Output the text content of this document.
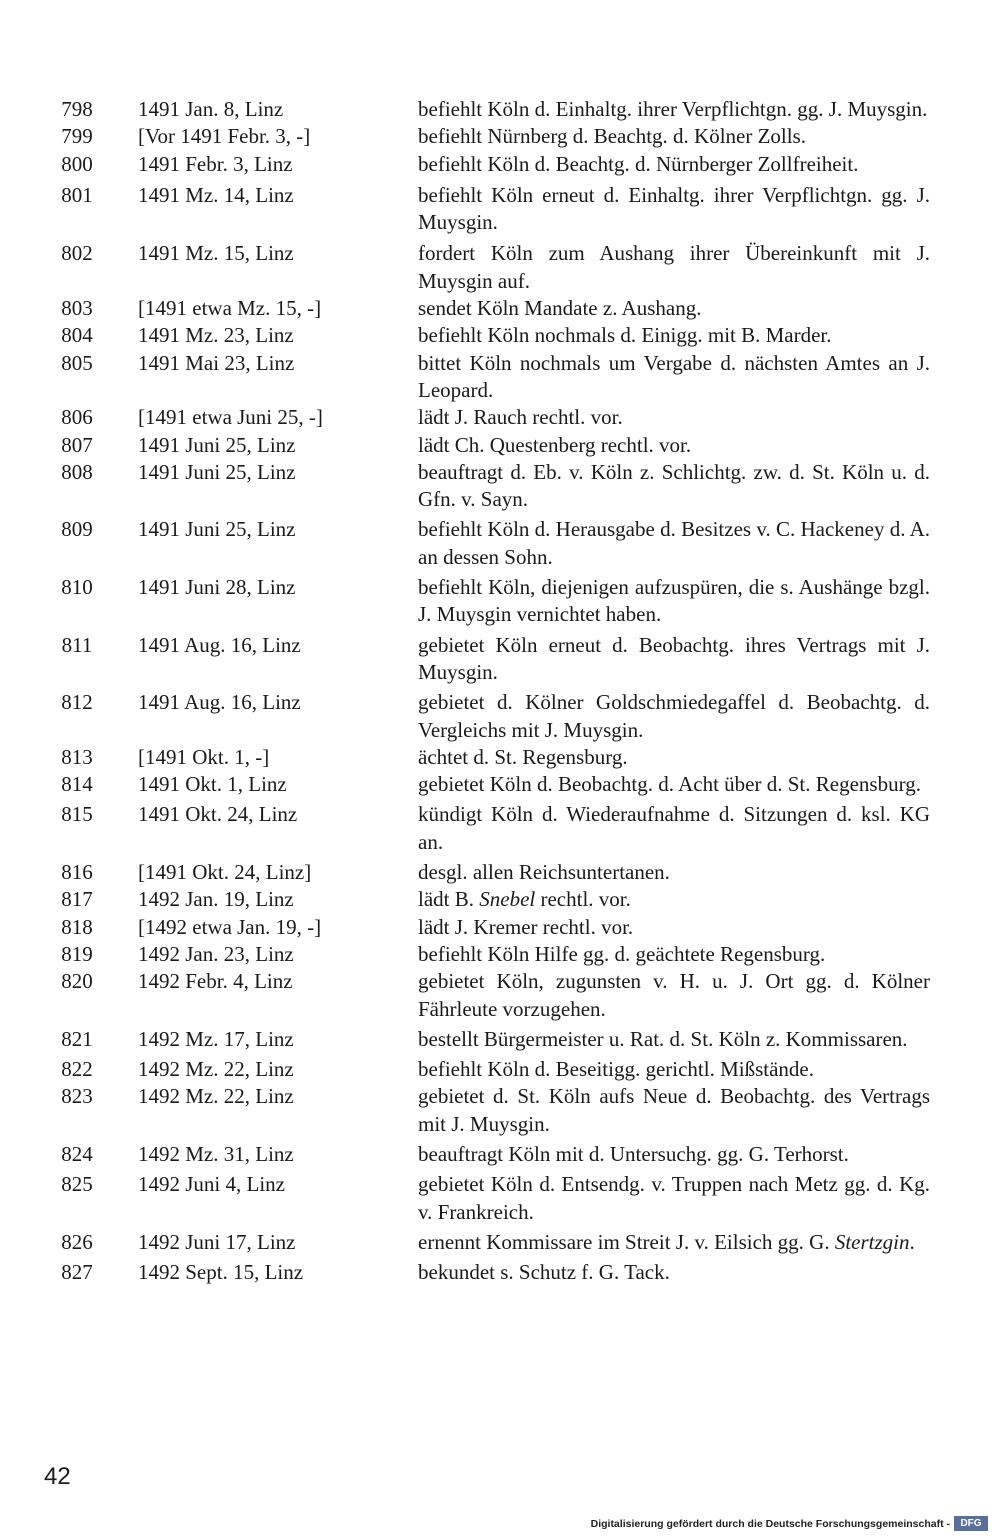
798	1491 Jan. 8, Linz	befiehlt Köln d. Einhaltg. ihrer Verpflichtgn. gg. J. Muysgin.
799	[Vor 1491 Febr. 3, -]	befiehlt Nürnberg d. Beachtg. d. Kölner Zolls.
800	1491 Febr. 3, Linz	befiehlt Köln d. Beachtg. d. Nürnberger Zollfreiheit.
801	1491 Mz. 14, Linz	befiehlt Köln erneut d. Einhaltg. ihrer Verpflichtgn. gg. J. Muysgin.
802	1491 Mz. 15, Linz	fordert Köln zum Aushang ihrer Übereinkunft mit J. Muysgin auf.
803	[1491 etwa Mz. 15, -]	sendet Köln Mandate z. Aushang.
804	1491 Mz. 23, Linz	befiehlt Köln nochmals d. Einigg. mit B. Marder.
805	1491 Mai 23, Linz	bittet Köln nochmals um Vergabe d. nächsten Amtes an J. Leopard.
806	[1491 etwa Juni 25, -]	lädt J. Rauch rechtl. vor.
807	1491 Juni 25, Linz	lädt Ch. Questenberg rechtl. vor.
808	1491 Juni 25, Linz	beauftragt d. Eb. v. Köln z. Schlichtg. zw. d. St. Köln u. d. Gfn. v. Sayn.
809	1491 Juni 25, Linz	befiehlt Köln d. Herausgabe d. Besitzes v. C. Hackeney d. A. an dessen Sohn.
810	1491 Juni 28, Linz	befiehlt Köln, diejenigen aufzuspüren, die s. Aushänge bzgl. J. Muysgin vernichtet haben.
811	1491 Aug. 16, Linz	gebietet Köln erneut d. Beobachtg. ihres Vertrags mit J. Muysgin.
812	1491 Aug. 16, Linz	gebietet d. Kölner Goldschmiedegaffel d. Beobachtg. d. Vergleichs mit J. Muysgin.
813	[1491 Okt. 1, -]	ächtet d. St. Regensburg.
814	1491 Okt. 1, Linz	gebietet Köln d. Beobachtg. d. Acht über d. St. Regensburg.
815	1491 Okt. 24, Linz	kündigt Köln d. Wiederaufnahme d. Sitzungen d. ksl. KG an.
816	[1491 Okt. 24, Linz]	desgl. allen Reichsuntertanen.
817	1492 Jan. 19, Linz	lädt B. Snebel rechtl. vor.
818	[1492 etwa Jan. 19, -]	lädt J. Kremer rechtl. vor.
819	1492 Jan. 23, Linz	befiehlt Köln Hilfe gg. d. geächtete Regensburg.
820	1492 Febr. 4, Linz	gebietet Köln, zugunsten v. H. u. J. Ort gg. d. Kölner Fährleute vorzugehen.
821	1492 Mz. 17, Linz	bestellt Bürgermeister u. Rat. d. St. Köln z. Kommissaren.
822	1492 Mz. 22, Linz	befiehlt Köln d. Beseitigg. gerichtl. Mißstände.
823	1492 Mz. 22, Linz	gebietet d. St. Köln aufs Neue d. Beobachtg. des Vertrags mit J. Muysgin.
824	1492 Mz. 31, Linz	beauftragt Köln mit d. Untersuchg. gg. G. Terhorst.
825	1492 Juni 4, Linz	gebietet Köln d. Entsendg. v. Truppen nach Metz gg. d. Kg. v. Frankreich.
826	1492 Juni 17, Linz	ernennt Kommissare im Streit J. v. Eilsich gg. G. Stertzgin.
827	1492 Sept. 15, Linz	bekundet s. Schutz f. G. Tack.
42
Digitalisierung gefördert durch die Deutsche Forschungsgemeinschaft -	DFG
